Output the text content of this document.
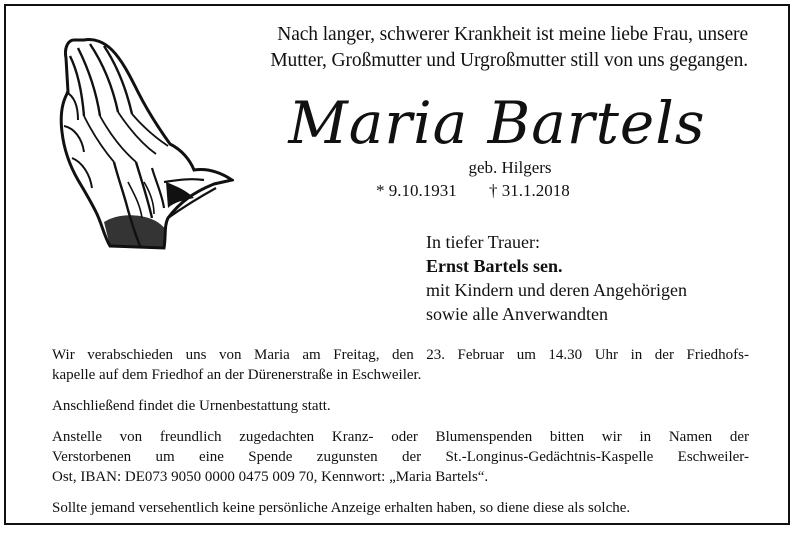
Nach langer, schwerer Krankheit ist meine liebe Frau, unsere
Mutter, Großmutter und Urgroßmutter still von uns gegangen.
Maria Bartels
geb. Hilgers
* 9.10.1931 † 31.1.2018
In tiefer Trauer:
Ernst Bartels sen.
mit Kindern und deren Angehörigen
sowie alle Anverwandten

Wir verabschieden uns von Maria am Freitag, den 23. Februar um 14.30 Uhr in der Friedhofs-
kapelle auf dem Friedhof an der Dürenerstraße in Eschweiler.

Anschließend findet die Urnenbestattung statt.

Anstelle von freundlich zugedachten Kranz- oder Blumenspenden bitten wir in Namen der
Verstorbenen um eine Spende zugunsten der St.-Longinus-Gedächtnis-Kaspelle Eschweiler-
Ost, IBAN: DE073 9050 0000 0475 009 70, Kennwort: „Maria Bartels“.

Sollte jemand versehentlich keine persönliche Anzeige erhalten haben, so diene diese als solche.
